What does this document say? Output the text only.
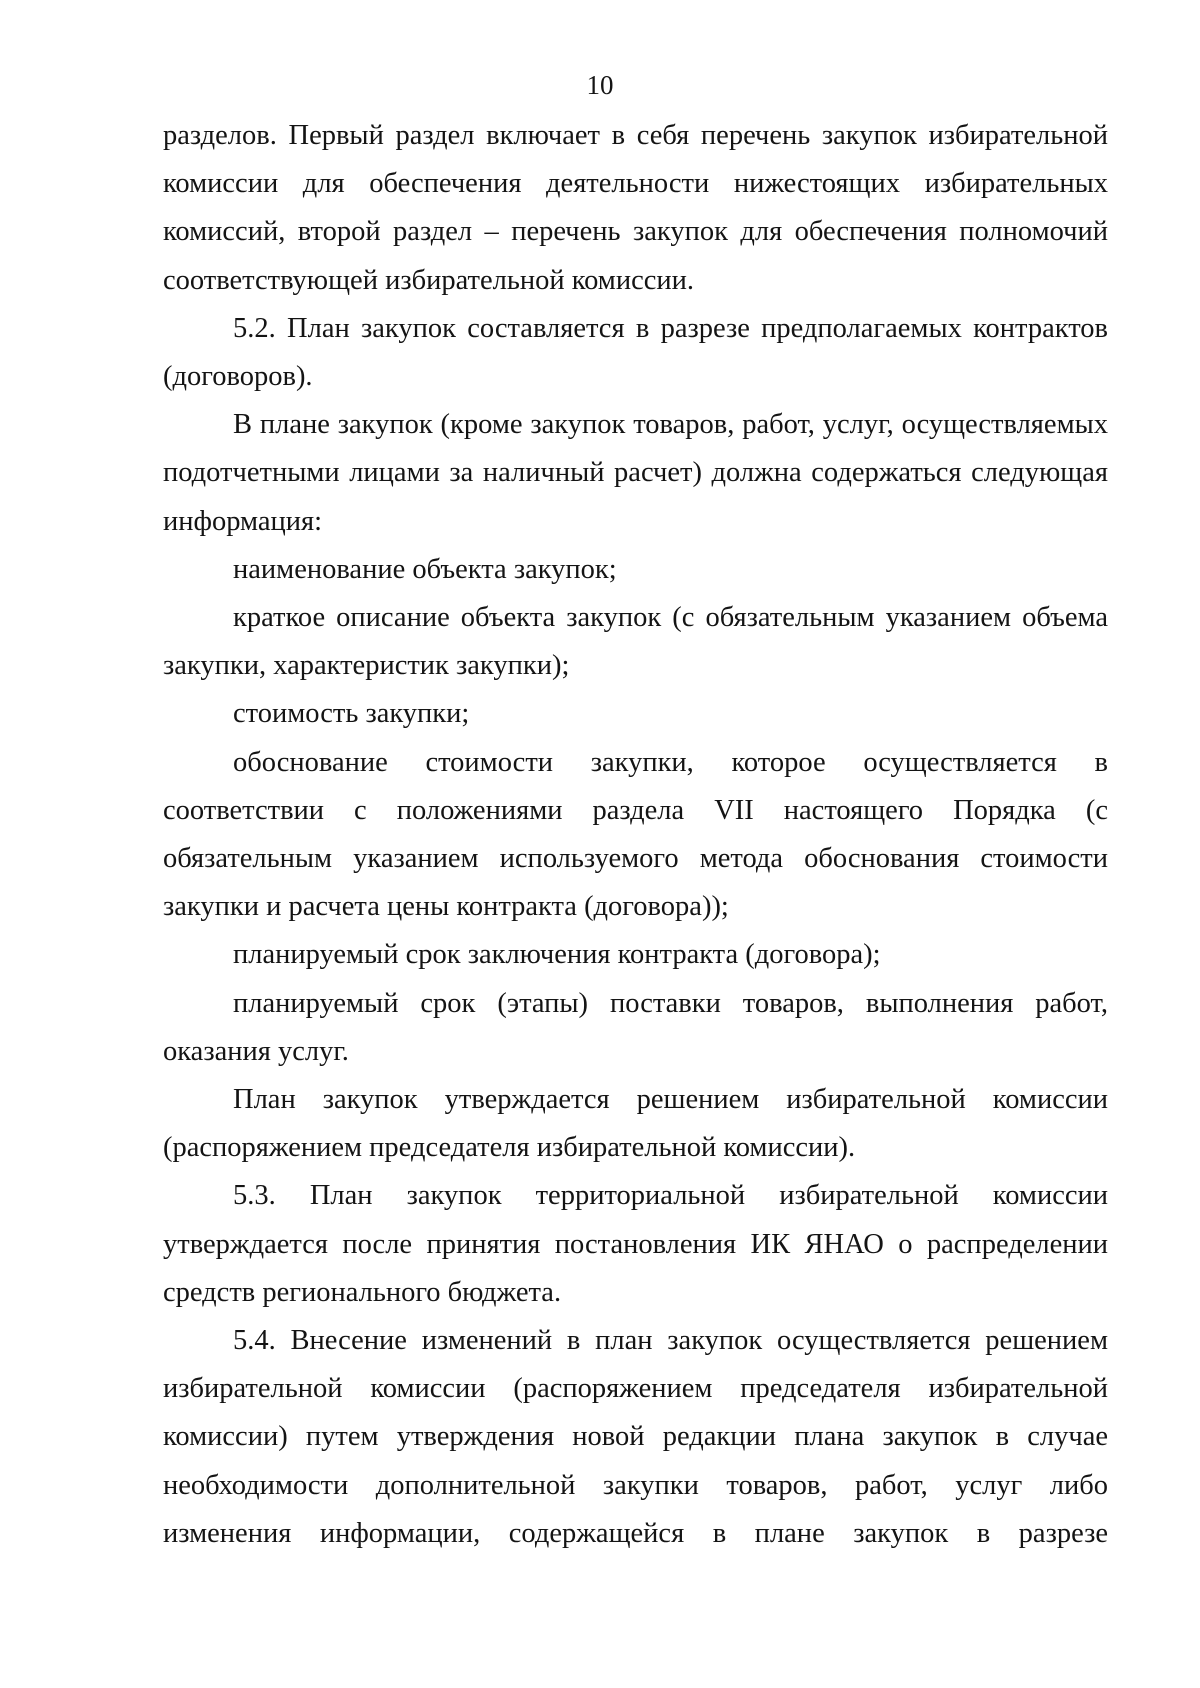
10

разделов. Первый раздел включает в себя перечень закупок избирательной комиссии для обеспечения деятельности нижестоящих избирательных комиссий, второй раздел – перечень закупок для обеспечения полномочий соответствующей избирательной комиссии.

5.2. План закупок составляется в разрезе предполагаемых контрактов (договоров).

В плане закупок (кроме закупок товаров, работ, услуг, осуществляемых подотчетными лицами за наличный расчет) должна содержаться следующая информация:

наименование объекта закупок;

краткое описание объекта закупок (с обязательным указанием объема закупки, характеристик закупки);

стоимость закупки;

обоснование стоимости закупки, которое осуществляется в соответствии с положениями раздела VII настоящего Порядка (с обязательным указанием используемого метода обоснования стоимости закупки и расчета цены контракта (договора));

планируемый срок заключения контракта (договора);

планируемый срок (этапы) поставки товаров, выполнения работ, оказания услуг.

План закупок утверждается решением избирательной комиссии (распоряжением председателя избирательной комиссии).

5.3. План закупок территориальной избирательной комиссии утверждается после принятия постановления ИК ЯНАО о распределении средств регионального бюджета.

5.4. Внесение изменений в план закупок осуществляется решением избирательной комиссии (распоряжением председателя избирательной комиссии) путем утверждения новой редакции плана закупок в случае необходимости дополнительной закупки товаров, работ, услуг либо изменения информации, содержащейся в плане закупок в разрезе
